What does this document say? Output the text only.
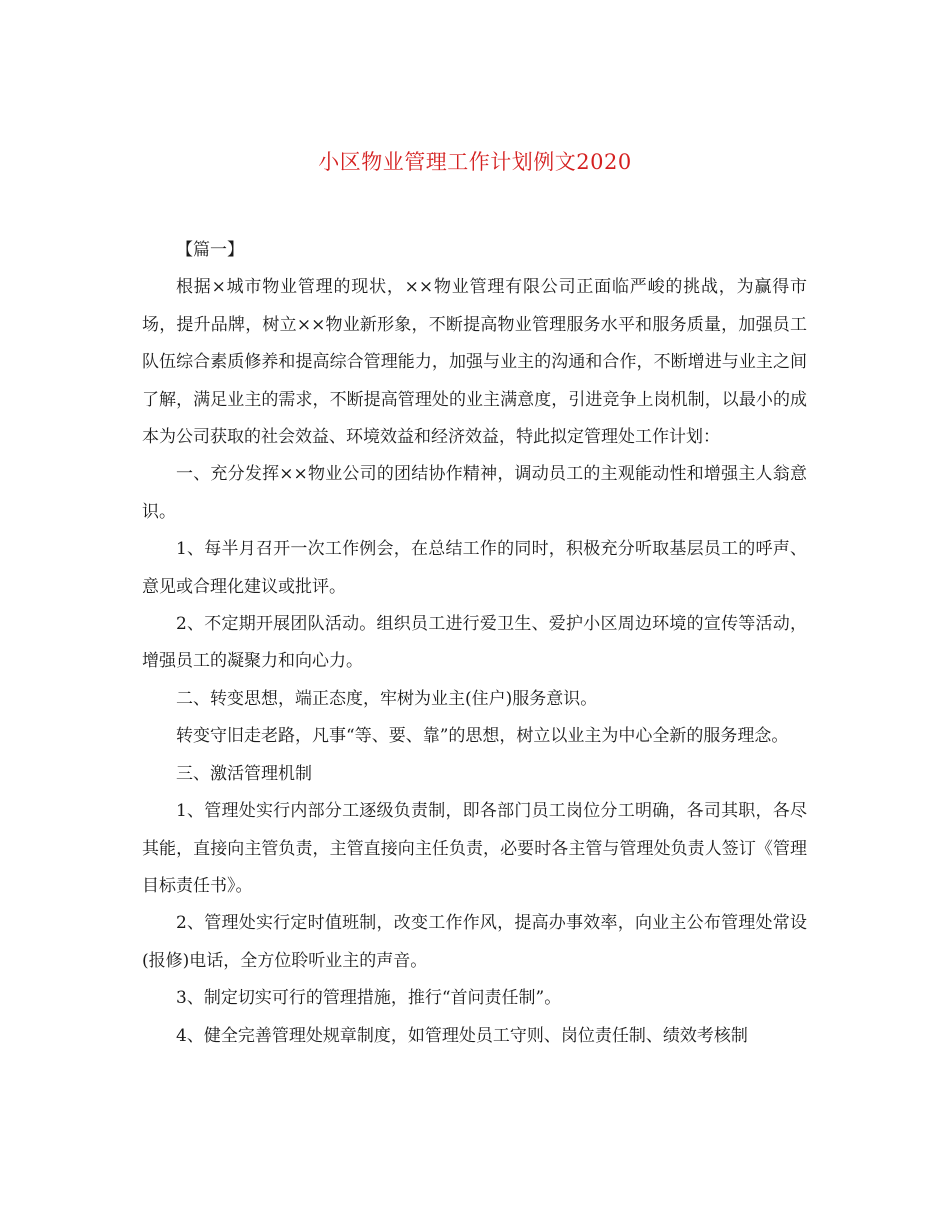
小区物业管理工作计划例文2020

【篇一】

根据×城市物业管理的现状，××物业管理有限公司正面临严峻的挑战，为赢得市场，提升品牌，树立××物业新形象，不断提高物业管理服务水平和服务质量，加强员工队伍综合素质修养和提高综合管理能力，加强与业主的沟通和合作，不断增进与业主之间了解，满足业主的需求，不断提高管理处的业主满意度，引进竞争上岗机制，以最小的成本为公司获取的社会效益、环境效益和经济效益，特此拟定管理处工作计划：

一、充分发挥××物业公司的团结协作精神，调动员工的主观能动性和增强主人翁意识。

1、每半月召开一次工作例会，在总结工作的同时，积极充分听取基层员工的呼声、意见或合理化建议或批评。

2、不定期开展团队活动。组织员工进行爱卫生、爱护小区周边环境的宣传等活动，增强员工的凝聚力和向心力。

二、转变思想，端正态度，牢树为业主(住户)服务意识。

转变守旧走老路，凡事“等、要、靠”的思想，树立以业主为中心全新的服务理念。

三、激活管理机制

1、管理处实行内部分工逐级负责制，即各部门员工岗位分工明确，各司其职，各尽其能，直接向主管负责，主管直接向主任负责，必要时各主管与管理处负责人签订《管理目标责任书》。

2、管理处实行定时值班制，改变工作作风，提高办事效率，向业主公布管理处常设(报修)电话，全方位聆听业主的声音。

3、制定切实可行的管理措施，推行“首问责任制”。

4、健全完善管理处规章制度，如管理处员工守则、岗位责任制、绩效考核制
